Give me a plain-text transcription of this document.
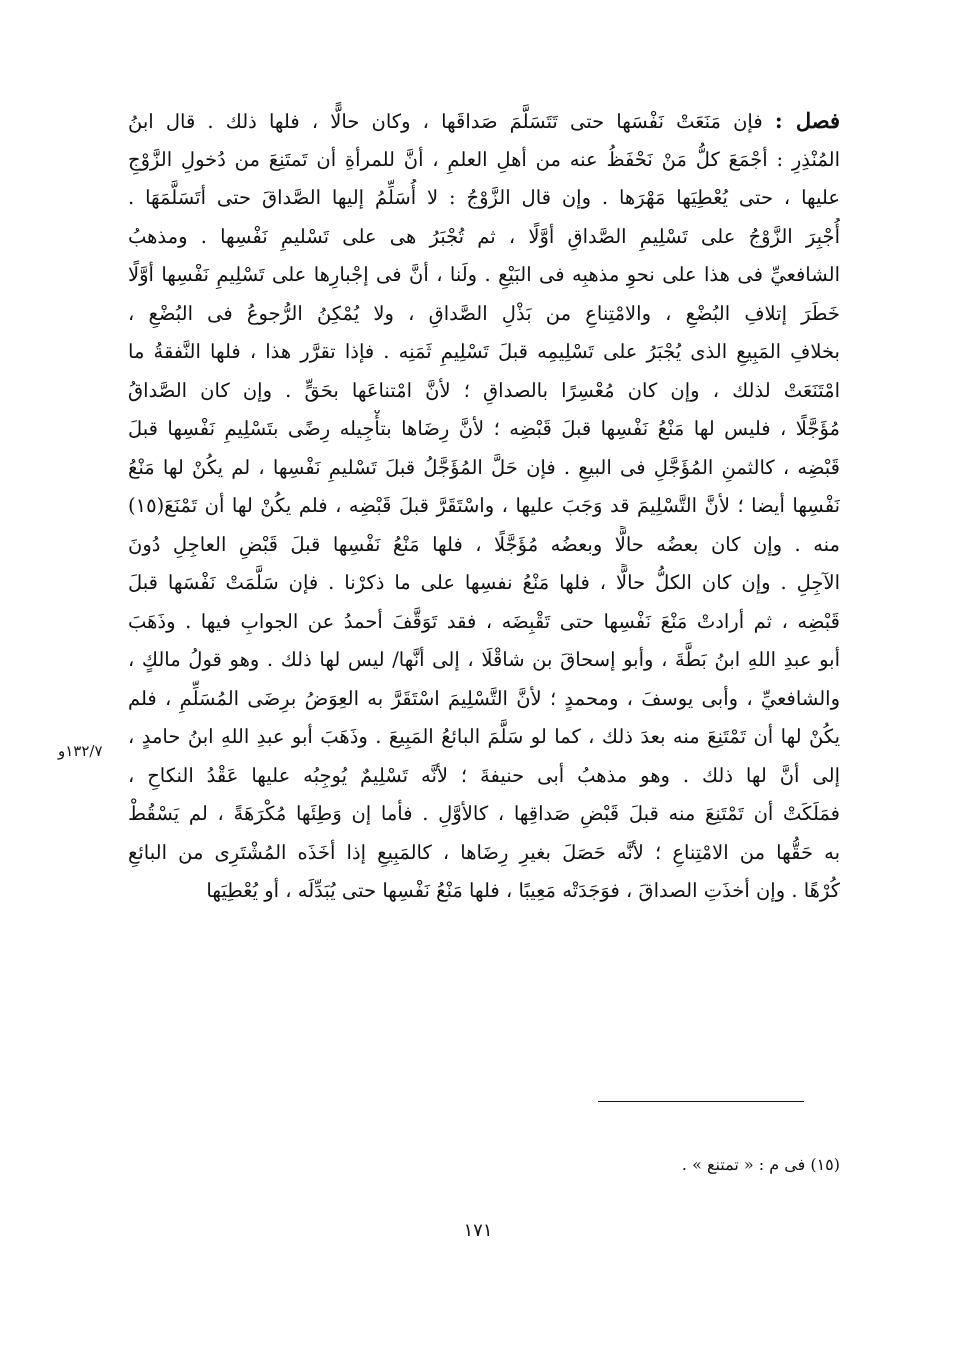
فصل : فإن مَنَعَتْ نَفْسَها حتى تَتَسَلَّمَ صَداقَها ، وكان حالًّا ، فلها ذلك . قال ابنُ
المُنْذِرِ : أجْمَعَ كلُّ مَنْ نَحْفَظُ عنه من أهلِ العلمِ ، أنَّ للمرأةِ أن تَمتَنِعَ من دُخولِ الزَّوْجِ
عليها ، حتى يُعْطِيَها مَهْرَها . وإن قال الزَّوْجُ : لا أُسَلِّمُ إليها الصَّداقَ حتى أتَسَلَّمَهَا .
أُجْبِرَ الزَّوْجُ على تَسْلِيمِ الصَّداقِ أوَّلًا ، ثم تُجْبَرُ هى على تَسْليمِ نَفْسِها . ومذهبُ
الشافعيِّ فى هذا على نحوِ مذهبِه فى البَيْعِ . ولَنا ، أنَّ فى إجْبارِها على تَسْلِيمِ نَفْسِها أوَّلًا
خَطَرَ إتلافِ البُضْعِ ، والامْتِناعِ من بَذْلِ الصَّداقِ ، ولا يُمْكِنُ الرُّجوعُ فى البُضْعِ ،
بخلافِ المَبِيعِ الذى يُجْبَرُ على تَسْلِيمِه قبلَ تَسْلِيمِ ثَمَنِه . فإذا تقرَّر هذا ، فلها النَّفقةُ ما
امْتَنَعَتْ لذلك ، وإن كان مُعْسِرًا بالصداقِ ؛ لأنَّ امْتناعَها بحَقٍّ . وإن كان الصَّداقُ
مُؤَجَّلًا ، فليس لها مَنْعُ نَفْسِها قبلَ قَبْضِه ؛ لأنَّ رِضَاها بتأْجِيله رِضًى بتَسْلِيمِ نَفْسِها قبلَ
قَبْضِه ، كالثمنِ المُؤَجَّلِ فى البيعِ . فإن حَلَّ المُؤَجَّلُ قبلَ تَسْليمِ نَفْسِها ، لم يكُنْ لها مَنْعُ
نَفْسِها أيضا ؛ لأنَّ التَّسْلِيمَ قد وَجَبَ عليها ، واسْتَقَرَّ قبلَ قَبْضِه ، فلم يكُنْ لها أن تَمْنَعَ(١٥)
منه . وإن كان بعضُه حالًّا وبعضُه مُؤَجَّلًا ، فلها مَنْعُ نَفْسِها قبلَ قَبْضِ العاجِلِ دُونَ
الآجِلِ . وإن كان الكلُّ حالًّا ، فلها مَنْعُ نفسِها على ما ذكرْنا . فإن سَلَّمَتْ نَفْسَها قبلَ
قَبْضِه ، ثم أرادتْ مَنْعَ نَفْسِها حتى تَقْبِضَه ، فقد تَوَقَّفَ أحمدُ عن الجوابِ فيها . وذَهَبَ
أبو عبدِ اللهِ ابنُ بَطَّةَ ، وأبو إسحاقَ بن شاقْلَا ، إلى أنَّها/ ليس لها ذلك . وهو قولُ مالكٍ ،
والشافعيِّ ، وأبى يوسفَ ، ومحمدٍ ؛ لأنَّ التَّسْلِيمَ اسْتَقَرَّ به العِوَضُ برِضَى المُسَلِّمِ ، فلم
يكُنْ لها أن تَمْتَنِعَ منه بعدَ ذلك ، كما لو سَلَّمَ البائعُ المَبِيعَ . وذَهَبَ أبو عبدِ اللهِ ابنُ حامدٍ ،
إلى أنَّ لها ذلك . وهو مذهبُ أبى حنيفةَ ؛ لأنَّه تَسْلِيمٌ يُوجِبُه عليها عَقْدُ النكاحِ ،
فمَلَكَتْ أن تَمْتَنِعَ منه قبلَ قَبْضِ صَداقِها ، كالأوَّلِ . فأما إن وَطِئَها مُكْرَهَةً ، لم يَسْقُطْ
به حَقُّها من الامْتِناعِ ؛ لأنَّه حَصَلَ بغيرِ رِضَاها ، كالمَبِيعِ إذا أخَذَه المُشْتَرِى من البائعِ
كُرْهًا . وإن أخذَتِ الصداقَ ، فوَجَدَتْه مَعِيبًا ، فلها مَنْعُ نَفْسِها حتى يُبَدِّلَه ، أو يُعْطِيَها
١٣٢/٧و
(١٥) فى م : « تمتنع » .
١٧١
